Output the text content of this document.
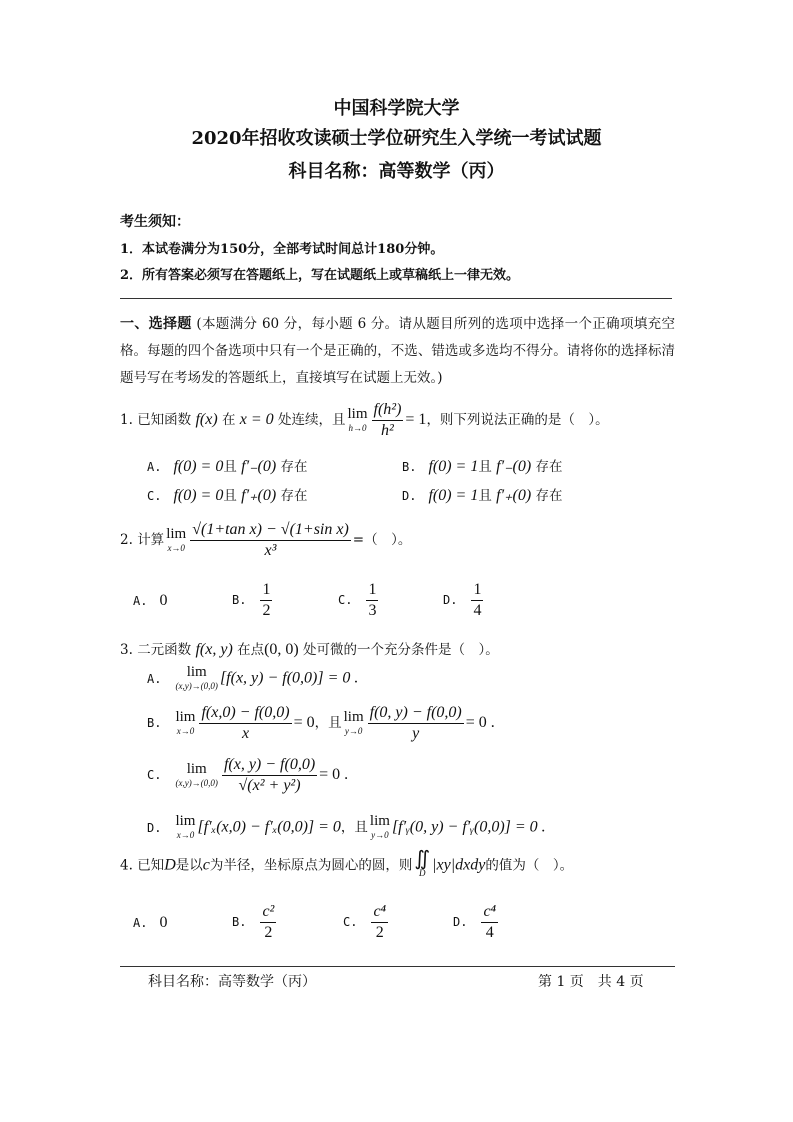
中国科学院大学
2020年招收攻读硕士学位研究生入学统一考试试题
科目名称：高等数学（丙）
考生须知：
1．本试卷满分为150分，全部考试时间总计180分钟。
2．所有答案必须写在答题纸上，写在试题纸上或草稿纸上一律无效。
一、选择题 (本题满分 60 分，每小题 6 分。请从题目所列的选项中选择一个正确项填充空格。每题的四个备选项中只有一个是正确的，不选、错选或多选均不得分。请将你的选择标清题号写在考场发的答题纸上，直接填写在试题上无效。)
1. 已知函数 f(x) 在 x = 0 处连续，且 lim
$h\to 0 \frac{\text{f(h²)}}{\text{h²}} = 1$，则下列说法正确的是（　）。
A. f(0) = 0且 f′₋(0) 存在	B. f(0) = 1且 f′₋(0) 存在
C. f(0) = 0且 f′₊(0) 存在	D. f(0) = 1且 f′₊(0) 存在
2. 计算 lim
$x\to 0 \frac{\text{√(1+tan x) − √(1+sin x)}}{\text{x³}}$ =（　）。
A. 0	B. $\frac{1}{2}$	C. $\frac{1}{3}$	D. $\frac{1}{4}$
3. 二元函数 f(x, y) 在点(0, 0) 处可微的一个充分条件是（　）。
A. lim
(x,y)→(0,0) [f(x, y) − f(0,0)] = 0 .
B. lim
$x\to 0 \frac{f(x,0) - f(0,0)}{x} = 0$，且 lim
$y\to 0 \frac{f(0, y) - f(0,0)}{y} = 0$ .
C. lim
$(x,y)\to(0,0) \frac{f(x, y) - f(0,0)}{\text{√(x² + y²)}} = 0$ .
D. lim
x→0 [f′ₓ(x,0) − f′ₓ(0,0)] = 0，且 lim
y→0 [f′ᵧ(0, y) − f′ᵧ(0,0)] = 0 .
4. 已知D是以c为半径，坐标原点为圆心的圆，则 ∬
D |xy|dxdy的值为（　）。
A. 0	B. $\frac{\text{c²}}{2}$	C. $\frac{\text{c⁴}}{2}$	D. $\frac{\text{c⁴}}{4}$
科目名称：高等数学（丙）	第 1 页　共 4 页
